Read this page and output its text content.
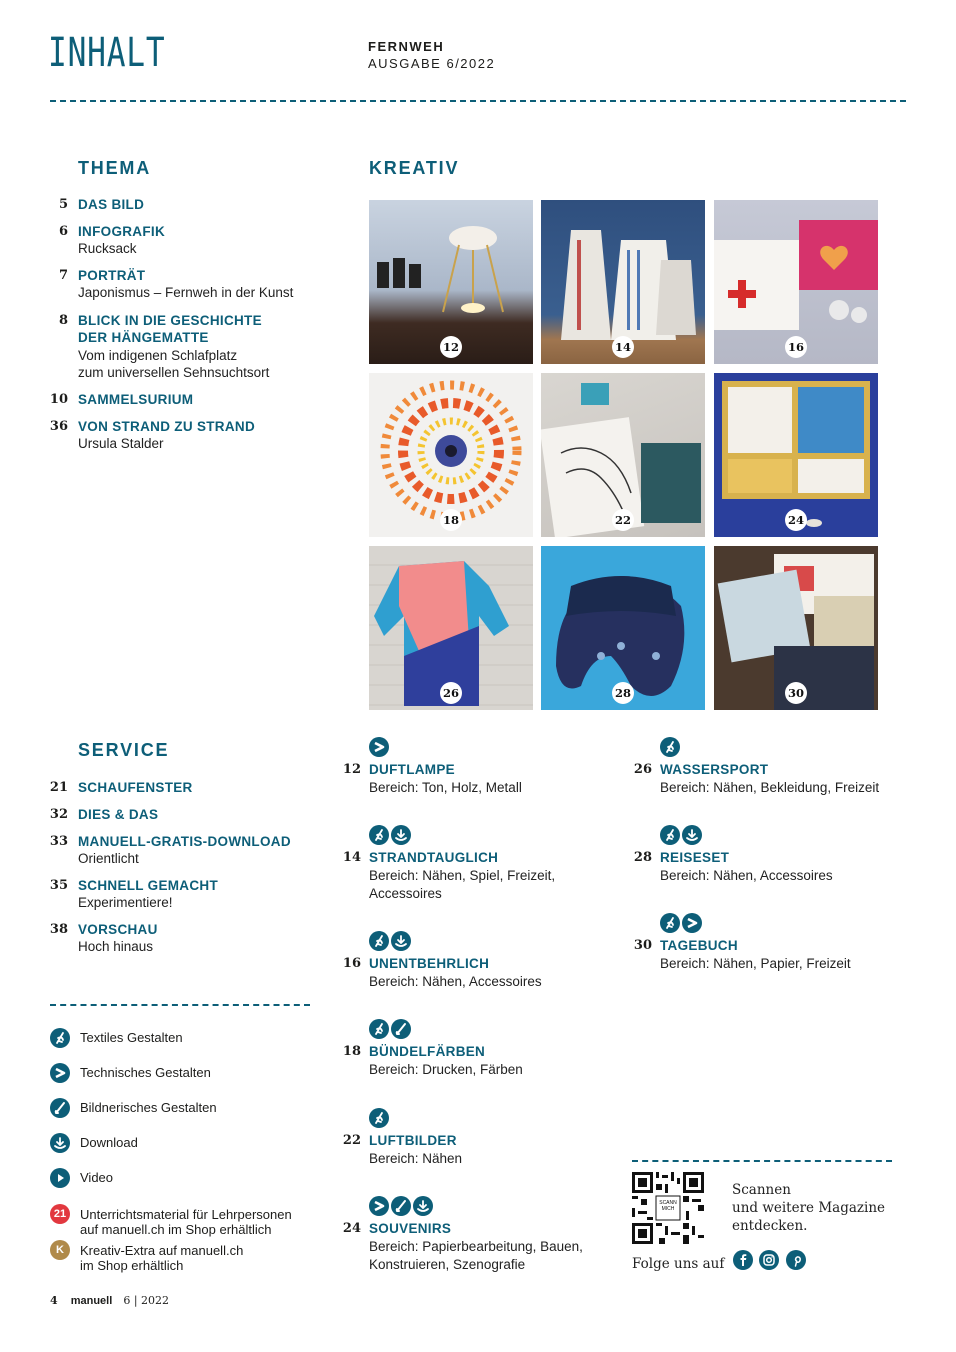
INHALT	FERNWEH
AUSGABE 6/2022
THEMA
5 DAS BILD
6 INFOGRAFIK
Rucksack
7 PORTRÄT
Japonismus – Fernweh in der Kunst
8 BLICK IN DIE GESCHICHTE
DER HÄNGEMATTE
Vom indigenen Schlafplatz
zum universellen Sehnsuchtsort
10 SAMMELSURIUM
36 VON STRAND ZU STRAND
Ursula Stalder
KREATIV
12	14	16
18	22	24
26	28	30
SERVICE
21 SCHAUFENSTER
32 DIES & DAS
33 MANUELL-GRATIS-DOWNLOAD
Orientlicht
35 SCHNELL GEMACHT
Experimentiere!
38 VORSCHAU
Hoch hinaus
12 DUFTLAMPE
Bereich: Ton, Holz, Metall
14 STRANDTAUGLICH
Bereich: Nähen, Spiel, Freizeit,
Accessoires
16 UNENTBEHRLICH
Bereich: Nähen, Accessoires
18 BÜNDELFÄRBEN
Bereich: Drucken, Färben
22 LUFTBILDER
Bereich: Nähen
24 SOUVENIRS
Bereich: Papierbearbeitung, Bauen,
Konstruieren, Szenografie
26 WASSERSPORT
Bereich: Nähen, Bekleidung, Freizeit
28 REISESET
Bereich: Nähen, Accessoires
30 TAGEBUCH
Bereich: Nähen, Papier, Freizeit
Textiles Gestalten
Technisches Gestalten
Bildnerisches Gestalten
Download
Video
21 Unterrichtsmaterial für Lehrpersonen
auf manuell.ch im Shop erhältlich
K	Kreativ-Extra auf manuell.ch
im Shop erhältlich
SCANN
MICH
Scannen
und weitere Magazine
entdecken.
Folge uns auf

4 manuell 6 | 2022
